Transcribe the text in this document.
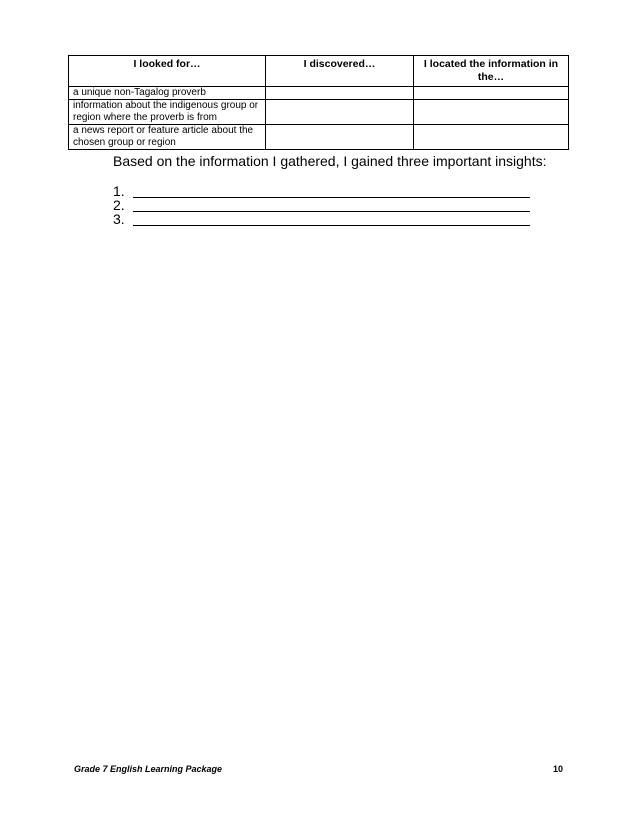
I looked for…	I discovered…	I located the information in the…
a unique non-Tagalog proverb		
information about the indigenous group or region where the proverb is from		
a news report or feature article about the chosen group or region		

Based on the information I gathered, I gained three important insights:

1.
2.
3.
Grade 7 English Learning Package	10
